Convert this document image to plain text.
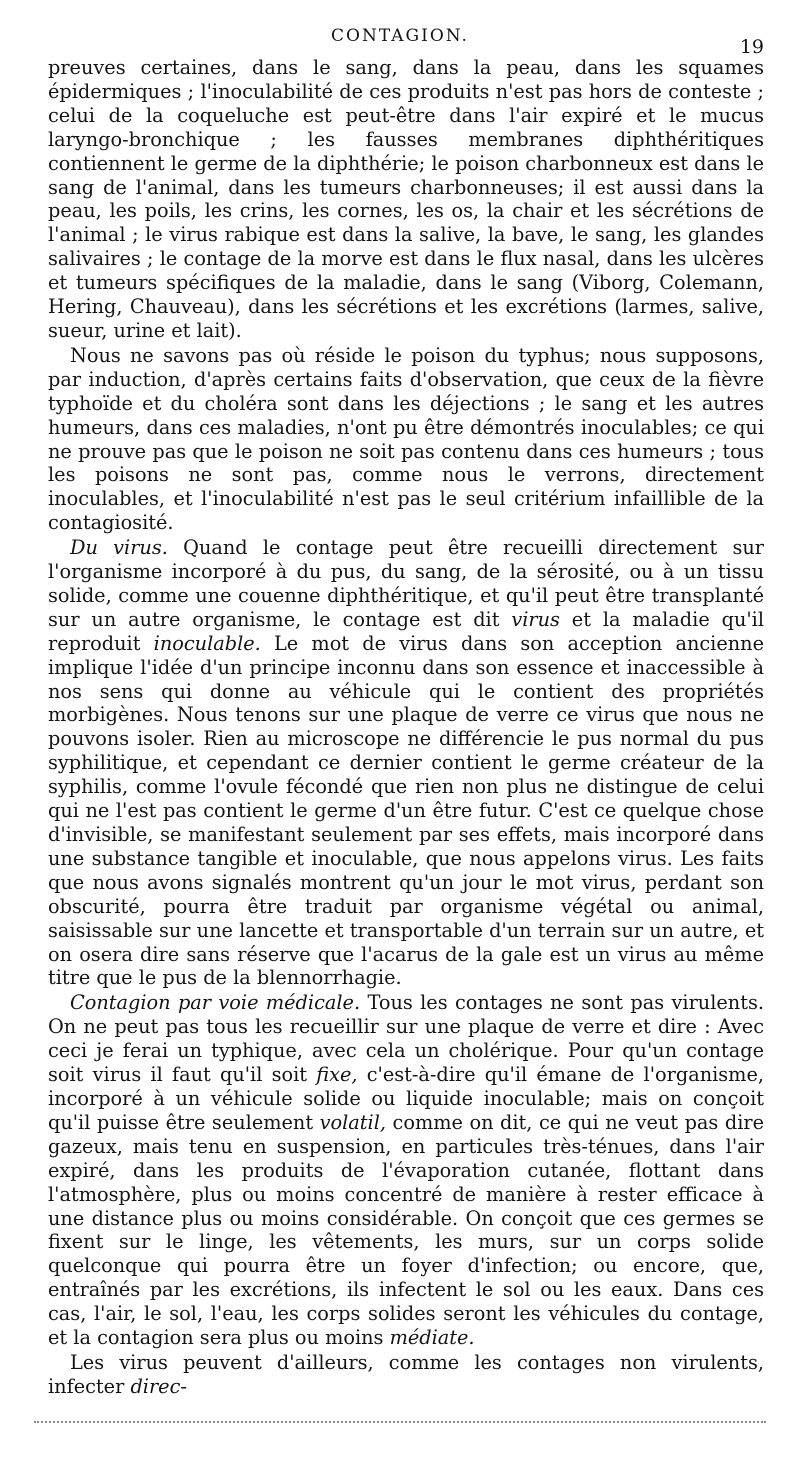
CONTAGION.	19

preuves certaines, dans le sang, dans la peau, dans les squames épidermiques ; l'inoculabilité de ces produits n'est pas hors de conteste ; celui de la coqueluche est peut-être dans l'air expiré et le mucus laryngo-bronchique ; les fausses membranes diphthéritiques contiennent le germe de la diphthérie; le poison charbonneux est dans le sang de l'animal, dans les tumeurs charbonneuses; il est aussi dans la peau, les poils, les crins, les cornes, les os, la chair et les sécrétions de l'animal ; le virus rabique est dans la salive, la bave, le sang, les glandes salivaires ; le contage de la morve est dans le flux nasal, dans les ulcères et tumeurs spécifiques de la maladie, dans le sang (Viborg, Colemann, Hering, Chauveau), dans les sécrétions et les excrétions (larmes, salive, sueur, urine et lait).

Nous ne savons pas où réside le poison du typhus; nous supposons, par induction, d'après certains faits d'observation, que ceux de la fièvre typhoïde et du choléra sont dans les déjections ; le sang et les autres humeurs, dans ces maladies, n'ont pu être démontrés inoculables; ce qui ne prouve pas que le poison ne soit pas contenu dans ces humeurs ; tous les poisons ne sont pas, comme nous le verrons, directement inoculables, et l'inoculabilité n'est pas le seul critérium infaillible de la contagiosité.

Du virus. Quand le contage peut être recueilli directement sur l'organisme incorporé à du pus, du sang, de la sérosité, ou à un tissu solide, comme une couenne diphthéritique, et qu'il peut être transplanté sur un autre organisme, le contage est dit virus et la maladie qu'il reproduit inoculable. Le mot de virus dans son acception ancienne implique l'idée d'un principe inconnu dans son essence et inaccessible à nos sens qui donne au véhicule qui le contient des propriétés morbigènes. Nous tenons sur une plaque de verre ce virus que nous ne pouvons isoler. Rien au microscope ne différencie le pus normal du pus syphilitique, et cependant ce dernier contient le germe créateur de la syphilis, comme l'ovule fécondé que rien non plus ne distingue de celui qui ne l'est pas contient le germe d'un être futur. C'est ce quelque chose d'invisible, se manifestant seulement par ses effets, mais incorporé dans une substance tangible et inoculable, que nous appelons virus. Les faits que nous avons signalés montrent qu'un jour le mot virus, perdant son obscurité, pourra être traduit par organisme végétal ou animal, saisissable sur une lancette et transportable d'un terrain sur un autre, et on osera dire sans réserve que l'acarus de la gale est un virus au même titre que le pus de la blennorrhagie.

Contagion par voie médicale. Tous les contages ne sont pas virulents. On ne peut pas tous les recueillir sur une plaque de verre et dire : Avec ceci je ferai un typhique, avec cela un cholérique. Pour qu'un contage soit virus il faut qu'il soit fixe, c'est-à-dire qu'il émane de l'organisme, incorporé à un véhicule solide ou liquide inoculable; mais on conçoit qu'il puisse être seulement volatil, comme on dit, ce qui ne veut pas dire gazeux, mais tenu en suspension, en particules très-ténues, dans l'air expiré, dans les produits de l'évaporation cutanée, flottant dans l'atmosphère, plus ou moins concentré de manière à rester efficace à une distance plus ou moins considérable. On conçoit que ces germes se fixent sur le linge, les vêtements, les murs, sur un corps solide quelconque qui pourra être un foyer d'infection; ou encore, que, entraînés par les excrétions, ils infectent le sol ou les eaux. Dans ces cas, l'air, le sol, l'eau, les corps solides seront les véhicules du contage, et la contagion sera plus ou moins médiate.

Les virus peuvent d'ailleurs, comme les contages non virulents, infecter direc-
